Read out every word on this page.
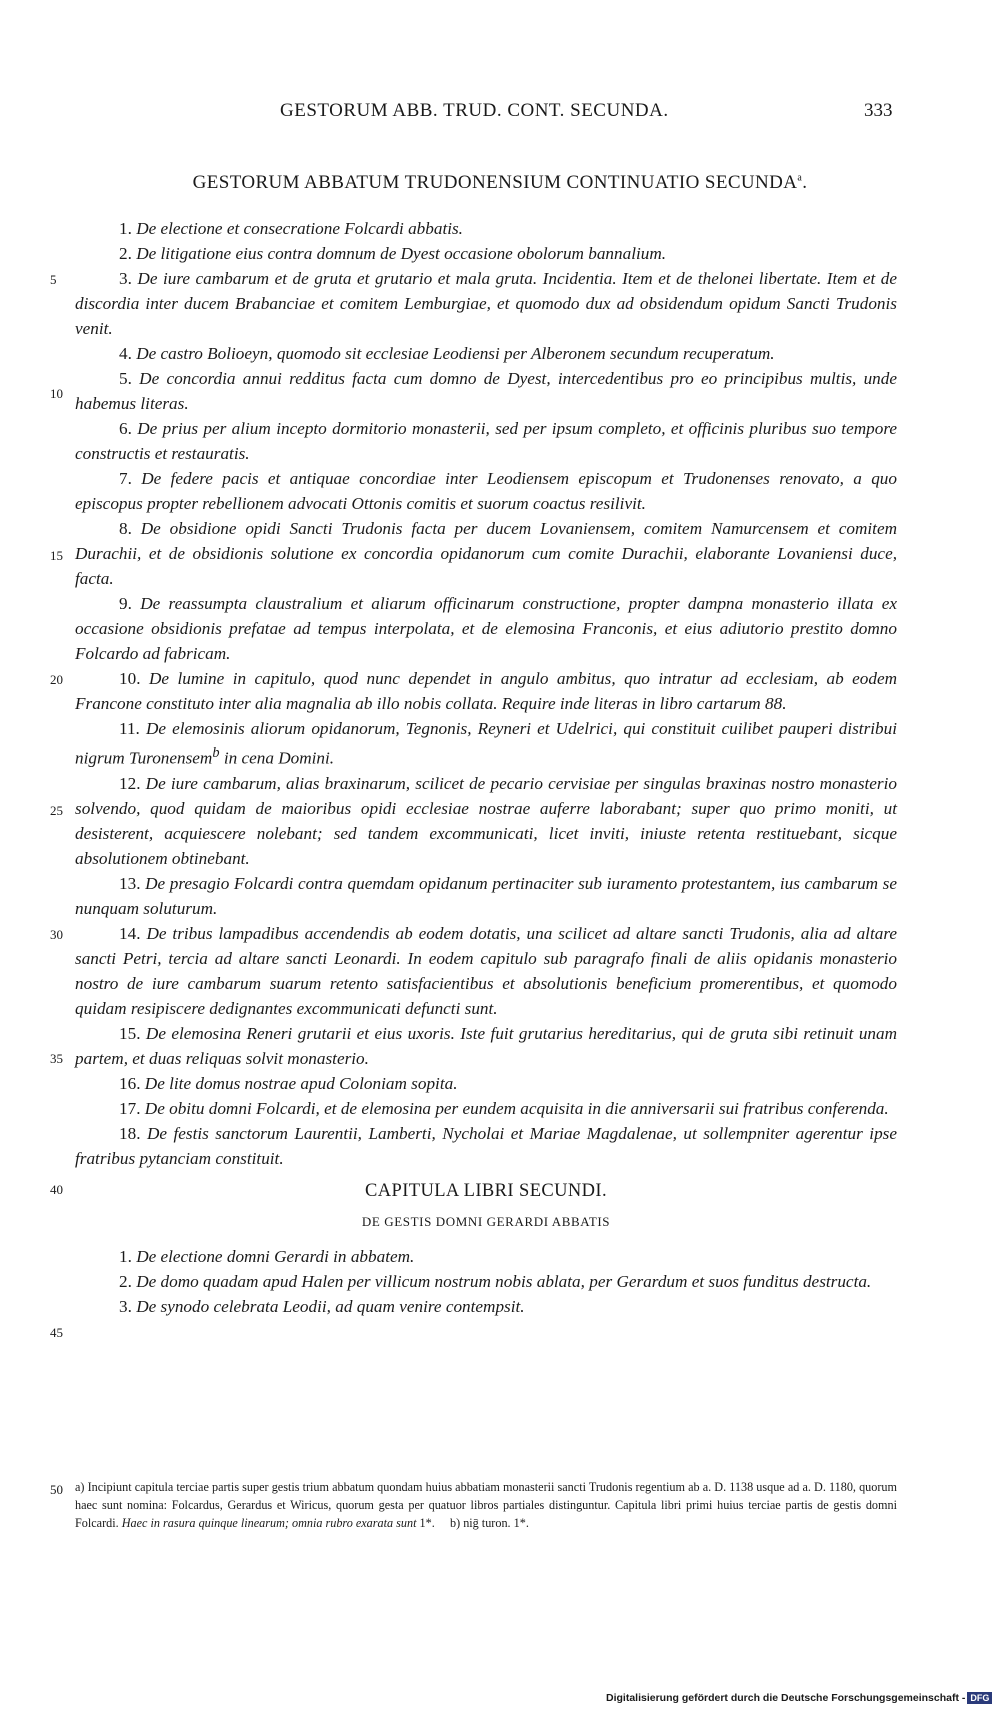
GESTORUM ABB. TRUD. CONT. SECUNDA.	333
GESTORUM ABBATUM TRUDONENSIUM CONTINUATIO SECUNDA$^a$.
5
10
15
20
25
30
35
40
45
50

1. De electione et consecratione Folcardi abbatis.

2. De litigatione eius contra domnum de Dyest occasione obolorum bannalium.

3. De iure cambarum et de gruta et grutario et mala gruta. Incidentia. Item et de thelonei libertate. Item et de discordia inter ducem Brabanciae et comitem Lemburgiae, et quomodo dux ad obsidendum opidum Sancti Trudonis venit.

4. De castro Bolioeyn, quomodo sit ecclesiae Leodiensi per Alberonem secundum recuperatum.

5. De concordia annui redditus facta cum domno de Dyest, intercedentibus pro eo principibus multis, unde habemus literas.

6. De prius per alium incepto dormitorio monasterii, sed per ipsum completo, et officinis pluribus suo tempore constructis et restauratis.

7. De federe pacis et antiquae concordiae inter Leodiensem episcopum et Trudonenses renovato, a quo episcopus propter rebellionem advocati Ottonis comitis et suorum coactus resilivit.

8. De obsidione opidi Sancti Trudonis facta per ducem Lovaniensem, comitem Namurcensem et comitem Durachii, et de obsidionis solutione ex concordia opidanorum cum comite Durachii, elaborante Lovaniensi duce, facta.

9. De reassumpta claustralium et aliarum officinarum constructione, propter dampna monasterio illata ex occasione obsidionis prefatae ad tempus interpolata, et de elemosina Franconis, et eius adiutorio prestito domno Folcardo ad fabricam.

10. De lumine in capitulo, quod nunc dependet in angulo ambitus, quo intratur ad ecclesiam, ab eodem Francone constituto inter alia magnalia ab illo nobis collata. Require inde literas in libro cartarum 88.

11. De elemosinis aliorum opidanorum, Tegnonis, Reyneri et Udelrici, qui constituit cuilibet pauperi distribui nigrum Turonensem$^b$ in cena Domini.

12. De iure cambarum, alias braxinarum, scilicet de pecario cervisiae per singulas braxinas nostro monasterio solvendo, quod quidam de maioribus opidi ecclesiae nostrae auferre laborabant; super quo primo moniti, ut desisterent, acquiescere nolebant; sed tandem excommunicati, licet inviti, iniuste retenta restituebant, sicque absolutionem obtinebant.

13. De presagio Folcardi contra quemdam opidanum pertinaciter sub iuramento protestantem, ius cambarum se nunquam soluturum.

14. De tribus lampadibus accendendis ab eodem dotatis, una scilicet ad altare sancti Trudonis, alia ad altare sancti Petri, tercia ad altare sancti Leonardi. In eodem capitulo sub paragrafo finali de aliis opidanis monasterio nostro de iure cambarum suarum retento satisfacientibus et absolutionis beneficium promerentibus, et quomodo quidam resipiscere dedignantes excommunicati defuncti sunt.

15. De elemosina Reneri grutarii et eius uxoris. Iste fuit grutarius hereditarius, qui de gruta sibi retinuit unam partem, et duas reliquas solvit monasterio.

16. De lite domus nostrae apud Coloniam sopita.

17. De obitu domni Folcardi, et de elemosina per eundem acquisita in die anniversarii sui fratribus conferenda.

18. De festis sanctorum Laurentii, Lamberti, Nycholai et Mariae Magdalenae, ut sollempniter agerentur ipse fratribus pytanciam constituit.

CAPITULA LIBRI SECUNDI.
DE GESTIS DOMNI GERARDI ABBATIS

1. De electione domni Gerardi in abbatem.

2. De domo quadam apud Halen per villicum nostrum nobis ablata, per Gerardum et suos funditus destructa.

3. De synodo celebrata Leodii, ad quam venire contempsit.

a) Incipiunt capitula terciae partis super gestis trium abbatum quondam huius abbatiam monasterii sancti Trudonis regentium ab a. D. 1138 usque ad a. D. 1180, quorum haec sunt nomina: Folcardus, Gerardus et Wiricus, quorum gesta per quatuor libros partiales distinguntur. Capitula libri primi huius terciae partis de gestis domni Folcardi. Haec in rasura quinque linearum; omnia rubro exarata sunt 1*. b) niḡ turon. 1*.
Digitalisierung gefördert durch die Deutsche Forschungsgemeinschaft - DFG
